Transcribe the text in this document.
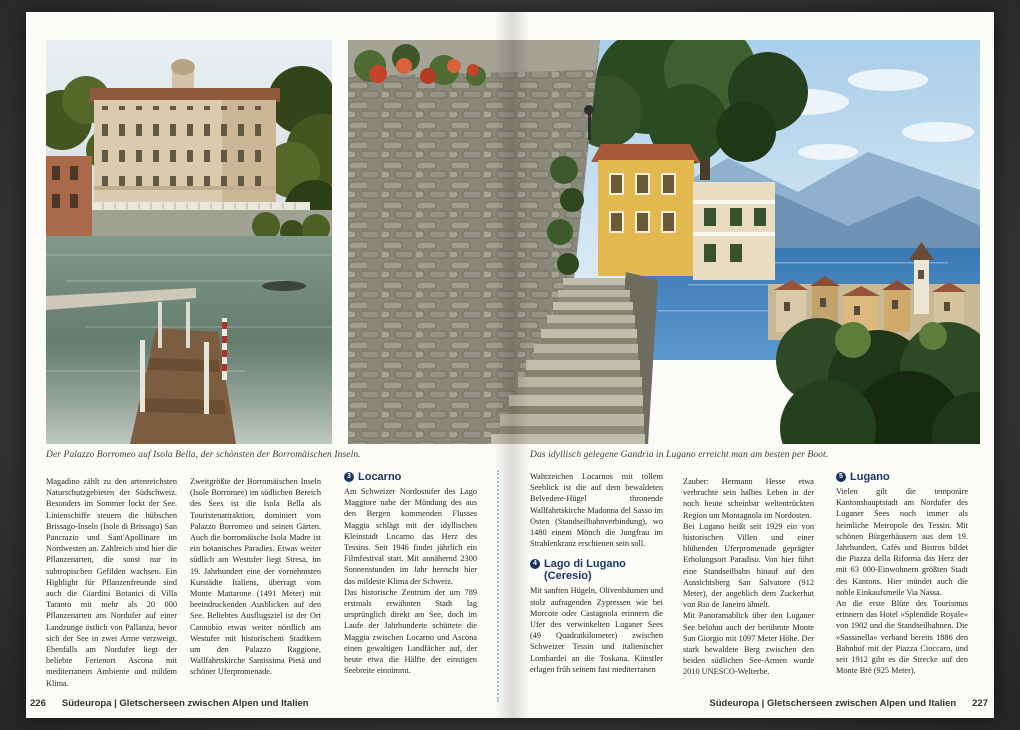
Der Palazzo Borromeo auf Isola Bella, der schönsten der Borromäischen Inseln.	Das idyllisch gelegene Gandria in Lugano erreicht man am besten per Boot.

Magadino zählt zu den artenreichsten Naturschutzgebieten der Südschweiz. Besonders im Sommer lockt der See. Linienschiffe steuern die hübschen Brissago-Inseln (Isole di Brissago) San Pancrazio und Sant'Apollinare im Nordwesten an. Zahlreich sind hier die Pflanzenarten, die sonst nur in subtropischen Gefilden wachsen. Ein Highlight für Pflanzenfreunde sind auch die Giardini Botanici di Villa Taranto mit mehr als 20 000 Pflanzenarten am Nordufer auf einer Landzunge östlich von Pallanza, bevor sich der See in zwei Arme verzweigt. Ebenfalls am Nordufer liegt der beliebte Ferienort Ascona mit mediterranem Ambiente und mildem Klima.

Zweitgrößte der Borromäischen Inseln (Isole Borromee) im südlichen Bereich des Sees ist die Isola Bella als Touristenattraktion, dominiert vom Palazzo Borromeo und seinen Gärten. Auch die borromäische Isola Madre ist ein botanisches Paradies. Etwas weiter südlich am Westufer liegt Stresa, im 19. Jahrhundert eine der vornehmsten Kurstädte Italiens, überragt vom Monte Mattarone (1491 Meter) mit beeindruckenden Ausblicken auf den See. Beliebtes Ausflugsziel ist der Ort Cannobio etwas weiter nördlich am Westufer mit historischem Stadtkern um den Palazzo Raggione, Wallfahrtskirche Santissima Pietà und schöner Uferpromenade.

3 Locarno

Am Schweizer Nordostufer des Lago Maggiore nahe der Mündung des aus den Bergen kommenden Flusses Maggia schlägt mit der idyllischen Kleinstadt Locarno das Herz des Tessins. Seit 1946 findet jährlich ein Filmfestival statt. Mit annähernd 2300 Sonnenstunden im Jahr herrscht hier das mildeste Klima der Schweiz.

Das historische Zentrum der um 789 erstmals erwähnten Stadt lag ursprünglich direkt am See, doch im Laufe der Jahrhunderte schüttete die Maggia zwischen Locarno und Ascona einen gewaltigen Landfächer auf, der heute etwa die Hälfte der einstigen Seebreite einnimmt.

Wahrzeichen Locarnos mit tollem Seeblick ist die auf dem bewaldeten Belvedere-Hügel thronende Wallfahrtskirche Madonna del Sasso im Osten (Standseilbahnverbindung), wo 1480 einem Mönch die Jungfrau im Strahlenkranz erschienen sein soll.

4 Lago di Lugano
(Ceresio)

Mit sanften Hügeln, Olivenbäumen und stolz aufragenden Zypressen wie bei Morcote oder Castagnola erinnern die Ufer des verwinkelten Luganer Sees (49 Quadratkilometer) zwischen Schweizer Tessin und italienischer Lombardei an die Toskana. Künstler erlagen früh seinem fast mediterranen

Zauber: Hermann Hesse etwa verbrachte sein halbes Leben in der noch heute scheinbar weltentrückten Region um Montagnola im Nordosten.

Bei Lugano heißt seit 1929 ein von historischen Villen und einer blühenden Uferpromenade geprägter Erholungsort Paradiso. Von hier führt eine Standseilbahn hinauf auf den Aussichtsberg San Salvatore (912 Meter), der angeblich dem Zuckerhut von Rio de Janeiro ähnelt.

Mit Panoramablick über den Luganer See belohnt auch der berühmte Monte San Giorgio mit 1097 Meter Höhe. Der stark bewaldete Berg zwischen den beiden südlichen See-Armen wurde 2010 UNESCO-Welterbe.

5 Lugano

Vielen gilt die temporäre Kantonshauptstadt am Nordufer des Luganer Sees noch immer als heimliche Metropole des Tessin. Mit schönen Bürgerhäusern aus dem 19. Jahrhundert, Cafés und Bistros bildet die Piazza della Riforma das Herz der mit 63 000-Einwohnern größten Stadt des Kantons. Hier mündet auch die noble Einkaufsmeile Via Nassa.

An die erste Blüte des Tourismus erinnern das Hotel »Splendide Royale« von 1902 und die Standseilbahnen. Die »Sassinella« verband bereits 1886 den Bahnhof mit der Piazza Cioccaro, und seit 1912 gibt es die Strecke auf den Monte Brè (925 Meter).

226 Südeuropa | Gletscherseen zwischen Alpen und Italien	Südeuropa | Gletscherseen zwischen Alpen und Italien 227
